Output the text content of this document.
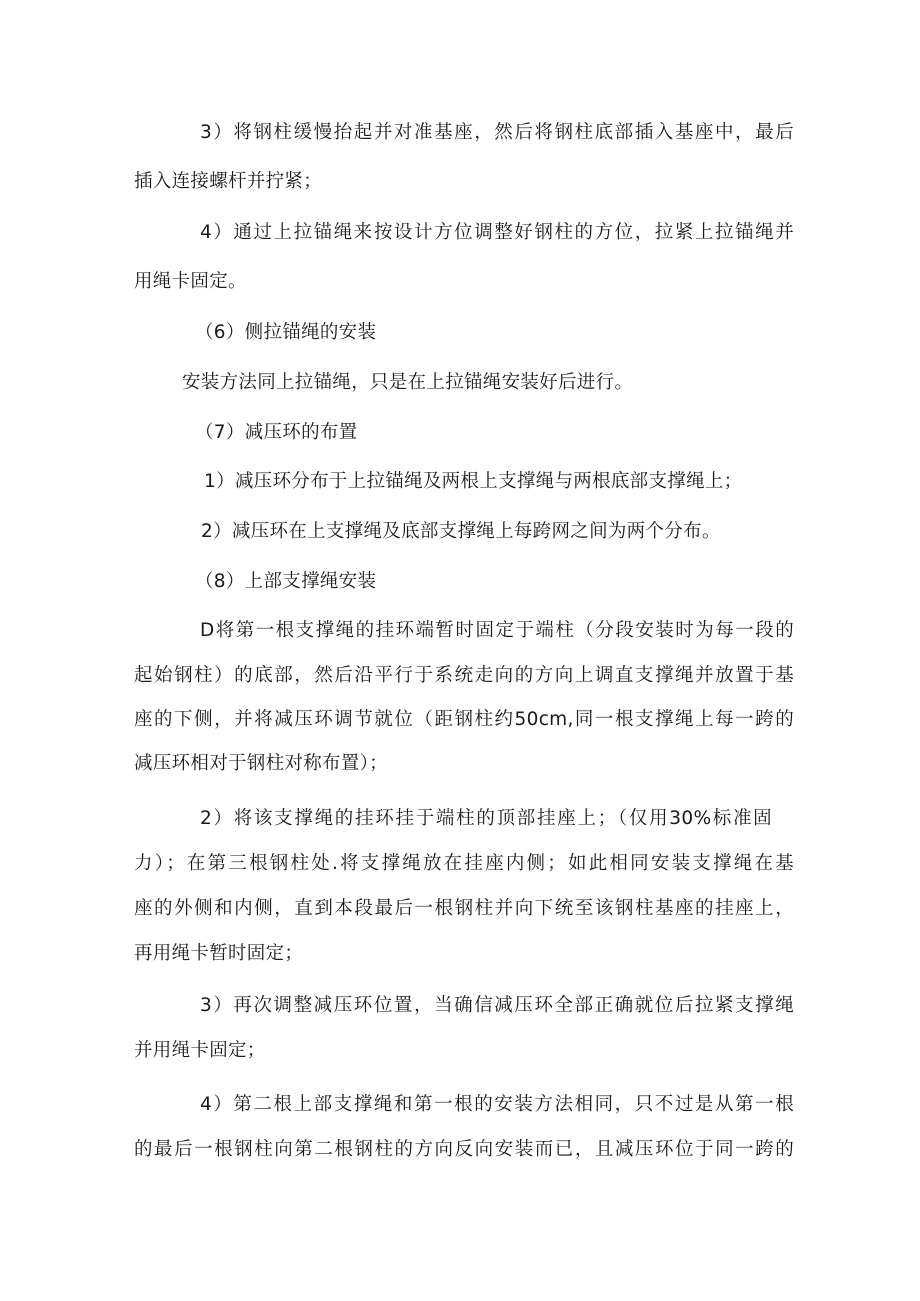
3）将钢柱缓慢抬起并对准基座，然后将钢柱底部插入基座中，最后
插入连接螺杆并拧紧；
4）通过上拉锚绳来按设计方位调整好钢柱的方位，拉紧上拉锚绳并
用绳卡固定。
（6）侧拉锚绳的安装
安装方法同上拉锚绳，只是在上拉锚绳安装好后进行。
（7）减压环的布置
1）减压环分布于上拉锚绳及两根上支撑绳与两根底部支撑绳上；
2）减压环在上支撑绳及底部支撑绳上每跨网之间为两个分布。
（8）上部支撑绳安装
D将第一根支撑绳的挂环端暂时固定于端柱（分段安装时为每一段的
起始钢柱）的底部，然后沿平行于系统走向的方向上调直支撑绳并放置于基
座的下侧，并将减压环调节就位（距钢柱约50cm,同一根支撑绳上每一跨的
减压环相对于钢柱对称布置）；
2）将该支撑绳的挂环挂于端柱的顶部挂座上；（仅用30%标准固
力）；在第三根钢柱处.将支撑绳放在挂座内侧；如此相同安装支撑绳在基
座的外侧和内侧，直到本段最后一根钢柱并向下统至该钢柱基座的挂座上，
再用绳卡暂时固定；
3）再次调整减压环位置，当确信减压环全部正确就位后拉紧支撑绳
并用绳卡固定；
4）第二根上部支撑绳和第一根的安装方法相同，只不过是从第一根
的最后一根钢柱向第二根钢柱的方向反向安装而已，且减压环位于同一跨的
